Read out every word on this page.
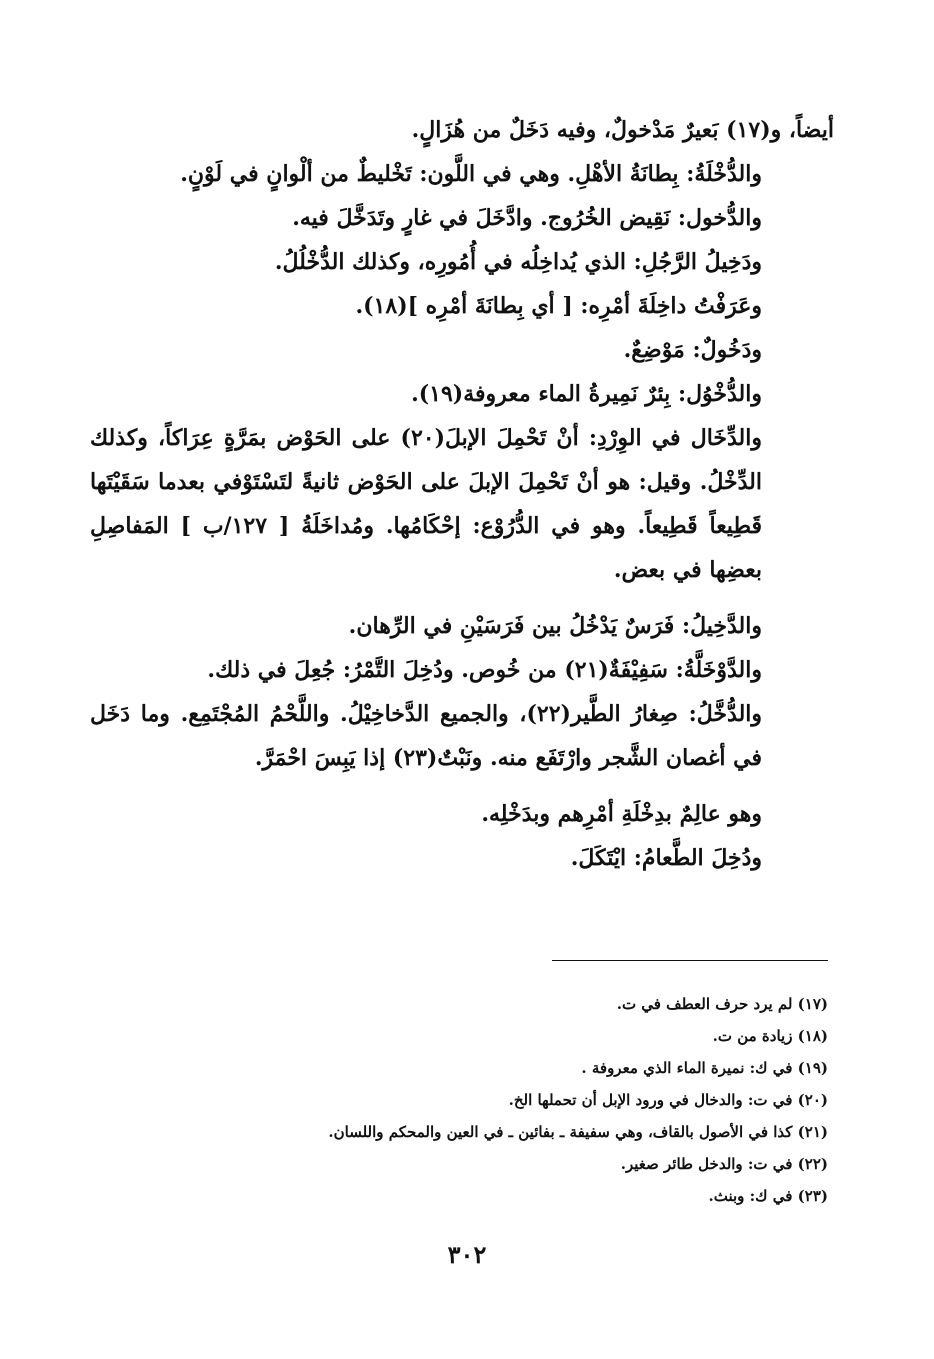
أيضاً، و(١٧) بَعيرٌ مَدْخولٌ، وفيه دَخَلٌ من هُزَالٍ.

والدُّخْلَةُ: بِطانَةُ الأهْلِ. وهي في اللَّون: تَخْليطٌ من ألْوانٍ في لَوْنٍ.

والدُّخول: نَقِيض الخُرُوج. وادَّخَلَ في غارٍ وتَدَخَّلَ فيه.

ودَخِيلُ الرَّجُلِ: الذي يُداخِلُه في أُمُورِه، وكذلك الدُّخْلُلُ.

وعَرَفْتُ داخِلَةَ أمْرِه: [ أي بِطانَةَ أمْرِه ](١٨).

ودَخُولٌ: مَوْضِعٌ.

والدُّخْوُل: بِئرٌ نَمِيرةُ الماء معروفة(١٩).

والدِّخَال في الوِرْدِ: أنْ تَحْمِلَ الإبلَ(٢٠) على الحَوْض بمَرَّةٍ عِرَاكاً، وكذلك الدِّخْلُ. وقيل: هو أنْ تَحْمِلَ الإبلَ على الحَوْض ثانيةً لتَسْتَوْفي بعدما سَقَيْتَها قَطِيعاً قَطِيعاً. وهو في الدُّرُوْع: إحْكَامُها. ومُداخَلَةُ [ ١٢٧/ب ] المَفاصِلِ بعضِها في بعض.

والدَّخِيلُ: فَرَسٌ يَدْخُلُ بين فَرَسَيْنِ في الرِّهان.

والدَّوْخَلَّةُ: سَفِيْفَةٌ(٢١) من خُوص. ودُخِلَ التَّمْرُ: جُعِلَ في ذلك.

والدُّخَّلُ: صِغارُ الطَّير(٢٢)، والجميع الدَّخاخِيْلُ. واللَّحْمُ المُجْتَمِع. وما دَخَل في أغصان الشَّجر وارْتَفَع منه. ونَبْتٌ(٢٣) إذا يَبِسَ احْمَرَّ.

وهو عالِمٌ بدِخْلَةِ أمْرِهم وبدَخْلِه.

ودُخِلَ الطَّعامُ: ايْتَكَلَ.

(١٧) لم يرد حرف العطف في ت.

(١٨) زيادة من ت.

(١٩) في ك: نميرة الماء الذي معروفة .

(٢٠) في ت: والدخال في ورود الإبل أن تحملها الخ.

(٢١) كذا في الأصول بالقاف، وهي سفيفة ـ بفائين ـ في العين والمحكم واللسان.

(٢٢) في ت: والدخل طائر صغير.

(٢٣) في ك: وبنث.

٣٠٢
